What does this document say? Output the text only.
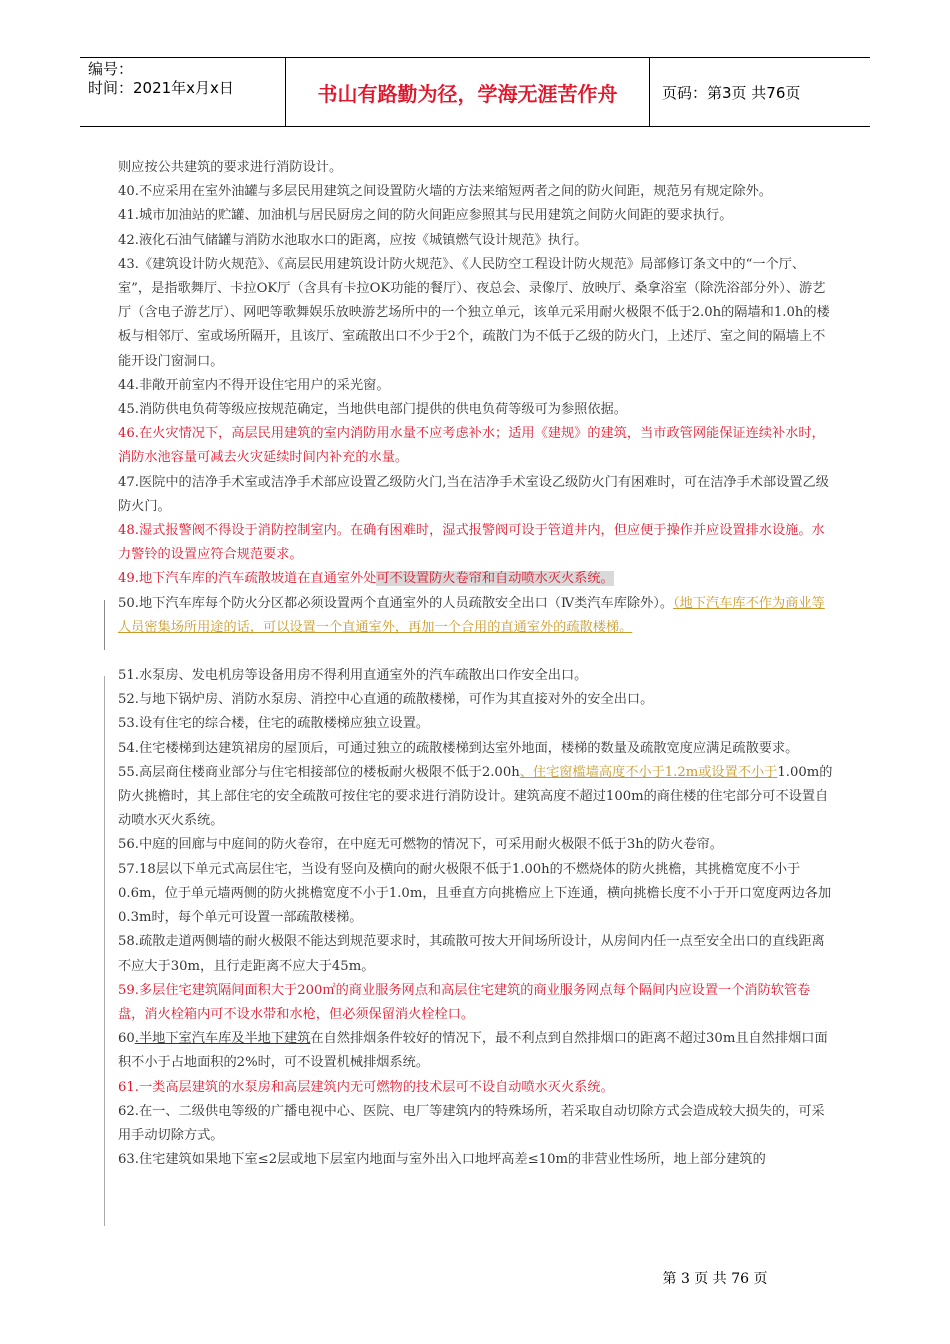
编号：
时间：2021年x月x日	书山有路勤为径，学海无涯苦作舟	页码：第3页 共76页

则应按公共建筑的要求进行消防设计。

40.不应采用在室外油罐与多层民用建筑之间设置防火墙的方法来缩短两者之间的防火间距，规范另有规定除外。

41.城市加油站的贮罐、加油机与居民厨房之间的防火间距应参照其与民用建筑之间防火间距的要求执行。

42.液化石油气储罐与消防水池取水口的距离，应按《城镇燃气设计规范》执行。

43.《建筑设计防火规范》、《高层民用建筑设计防火规范》、《人民防空工程设计防火规范》局部修订条文中的“一个厅、室”，是指歌舞厅、卡拉OK厅（含具有卡拉OK功能的餐厅）、夜总会、录像厅、放映厅、桑拿浴室（除洗浴部分外）、游艺厅（含电子游艺厅）、网吧等歌舞娱乐放映游艺场所中的一个独立单元，该单元采用耐火极限不低于2.0h的隔墙和1.0h的楼板与相邻厅、室或场所隔开，且该厅、室疏散出口不少于2个，疏散门为不低于乙级的防火门，上述厅、室之间的隔墙上不能开设门窗洞口。

44.非敞开前室内不得开设住宅用户的采光窗。

45.消防供电负荷等级应按规范确定，当地供电部门提供的供电负荷等级可为参照依据。

46.在火灾情况下，高层民用建筑的室内消防用水量不应考虑补水；适用《建规》的建筑，当市政管网能保证连续补水时，消防水池容量可减去火灾延续时间内补充的水量。

47.医院中的洁净手术室或洁净手术部应设置乙级防火门,当在洁净手术室设乙级防火门有困难时，可在洁净手术部设置乙级防火门。

48.湿式报警阀不得设于消防控制室内。在确有困难时，湿式报警阀可设于管道井内，但应便于操作并应设置排水设施。水力警铃的设置应符合规范要求。

49.地下汽车库的汽车疏散坡道在直通室外处可不设置防火卷帘和自动喷水灭火系统。

50.地下汽车库每个防火分区都必须设置两个直通室外的人员疏散安全出口（Ⅳ类汽车库除外）。（地下汽车库不作为商业等人员密集场所用途的话，可以设置一个直通室外，再加一个合用的直通室外的疏散楼梯。

51.水泵房、发电机房等设备用房不得利用直通室外的汽车疏散出口作安全出口。

52.与地下锅炉房、消防水泵房、消控中心直通的疏散楼梯，可作为其直接对外的安全出口。

53.设有住宅的综合楼，住宅的疏散楼梯应独立设置。

54.住宅楼梯到达建筑裙房的屋顶后，可通过独立的疏散楼梯到达室外地面，楼梯的数量及疏散宽度应满足疏散要求。

55.高层商住楼商业部分与住宅相接部位的楼板耐火极限不低于2.00h、住宅窗槛墙高度不小于1.2m或设置不小于1.00m的防火挑檐时，其上部住宅的安全疏散可按住宅的要求进行消防设计。建筑高度不超过100m的商住楼的住宅部分可不设置自动喷水灭火系统。

56.中庭的回廊与中庭间的防火卷帘，在中庭无可燃物的情况下，可采用耐火极限不低于3h的防火卷帘。

57.18层以下单元式高层住宅，当设有竖向及横向的耐火极限不低于1.00h的不燃烧体的防火挑檐，其挑檐宽度不小于0.6m，位于单元墙两侧的防火挑檐宽度不小于1.0m，且垂直方向挑檐应上下连通，横向挑檐长度不小于开口宽度两边各加0.3m时，每个单元可设置一部疏散楼梯。

58.疏散走道两侧墙的耐火极限不能达到规范要求时，其疏散可按大开间场所设计，从房间内任一点至安全出口的直线距离不应大于30m，且行走距离不应大于45m。

59.多层住宅建筑隔间面积大于200㎡的商业服务网点和高层住宅建筑的商业服务网点每个隔间内应设置一个消防软管卷盘，消火栓箱内可不设水带和水枪，但必须保留消火栓栓口。

60.半地下室汽车库及半地下建筑在自然排烟条件较好的情况下，最不利点到自然排烟口的距离不超过30m且自然排烟口面积不小于占地面积的2%时，可不设置机械排烟系统。

61.一类高层建筑的水泵房和高层建筑内无可燃物的技术层可不设自动喷水灭火系统。

62.在一、二级供电等级的广播电视中心、医院、电厂等建筑内的特殊场所，若采取自动切除方式会造成较大损失的，可采用手动切除方式。

63.住宅建筑如果地下室≤2层或地下层室内地面与室外出入口地坪高差≤10m的非营业性场所，地上部分建筑的

第 3 页 共 76 页
